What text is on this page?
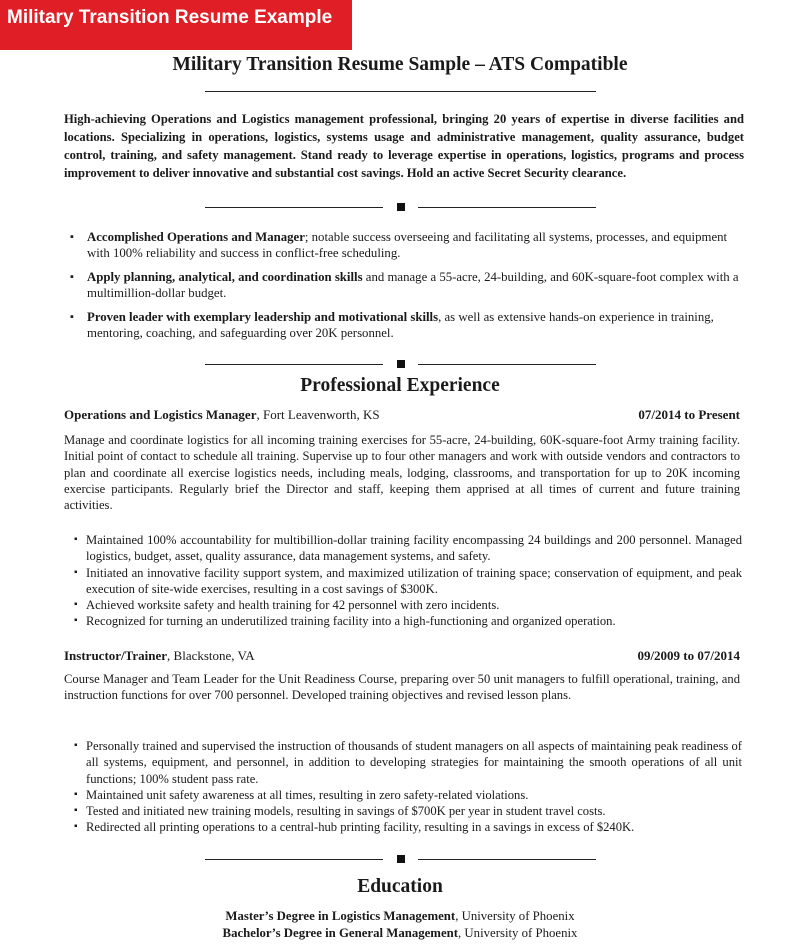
Military Transition Resume Example
Military Transition Resume Sample – ATS Compatible
High-achieving Operations and Logistics management professional, bringing 20 years of expertise in diverse facilities and locations. Specializing in operations, logistics, systems usage and administrative management, quality assurance, budget control, training, and safety management. Stand ready to leverage expertise in operations, logistics, programs and process improvement to deliver innovative and substantial cost savings. Hold an active Secret Security clearance.
▪ Accomplished Operations and Manager; notable success overseeing and facilitating all systems, processes, and equipment with 100% reliability and success in conflict-free scheduling.
▪ Apply planning, analytical, and coordination skills and manage a 55-acre, 24-building, and 60K-square-foot complex with a multimillion-dollar budget.
▪ Proven leader with exemplary leadership and motivational skills, as well as extensive hands-on experience in training, mentoring, coaching, and safeguarding over 20K personnel.
Professional Experience
Operations and Logistics Manager, Fort Leavenworth, KS	07/2014 to Present
Manage and coordinate logistics for all incoming training exercises for 55-acre, 24-building, 60K-square-foot Army training facility. Initial point of contact to schedule all training. Supervise up to four other managers and work with outside vendors and contractors to plan and coordinate all exercise logistics needs, including meals, lodging, classrooms, and transportation for up to 20K incoming exercise participants. Regularly brief the Director and staff, keeping them apprised at all times of current and future training activities.
▪ Maintained 100% accountability for multibillion-dollar training facility encompassing 24 buildings and 200 personnel. Managed logistics, budget, asset, quality assurance, data management systems, and safety.
▪ Initiated an innovative facility support system, and maximized utilization of training space; conservation of equipment, and peak execution of site-wide exercises, resulting in a cost savings of $300K.
▪ Achieved worksite safety and health training for 42 personnel with zero incidents.
▪ Recognized for turning an underutilized training facility into a high-functioning and organized operation.
Instructor/Trainer, Blackstone, VA	09/2009 to 07/2014
Course Manager and Team Leader for the Unit Readiness Course, preparing over 50 unit managers to fulfill operational, training, and instruction functions for over 700 personnel. Developed training objectives and revised lesson plans.
▪ Personally trained and supervised the instruction of thousands of student managers on all aspects of maintaining peak readiness of all systems, equipment, and personnel, in addition to developing strategies for maintaining the smooth operations of all unit functions; 100% student pass rate.
▪ Maintained unit safety awareness at all times, resulting in zero safety-related violations.
▪ Tested and initiated new training models, resulting in savings of $700K per year in student travel costs.
▪ Redirected all printing operations to a central-hub printing facility, resulting in a savings in excess of $240K.
Education
Master’s Degree in Logistics Management, University of Phoenix
Bachelor’s Degree in General Management, University of Phoenix
